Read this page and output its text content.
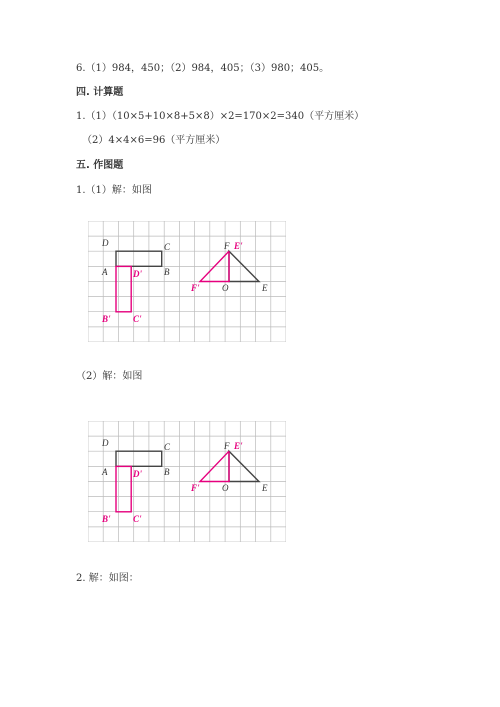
6.（1）984，450；（2）984，405；（3）980；405。
四. 计算题
1.（1）（10×5+10×8+5×8）×2=170×2=340（平方厘米）
（2）4×4×6=96（平方厘米）
五. 作图题
1.（1）解：如图
D	C
A	B
D'
B' C'
F E'
F' O	E
（2）解：如图
D	C
A	B
D'
B' C'
F E'
F' O	E
2. 解：如图：
